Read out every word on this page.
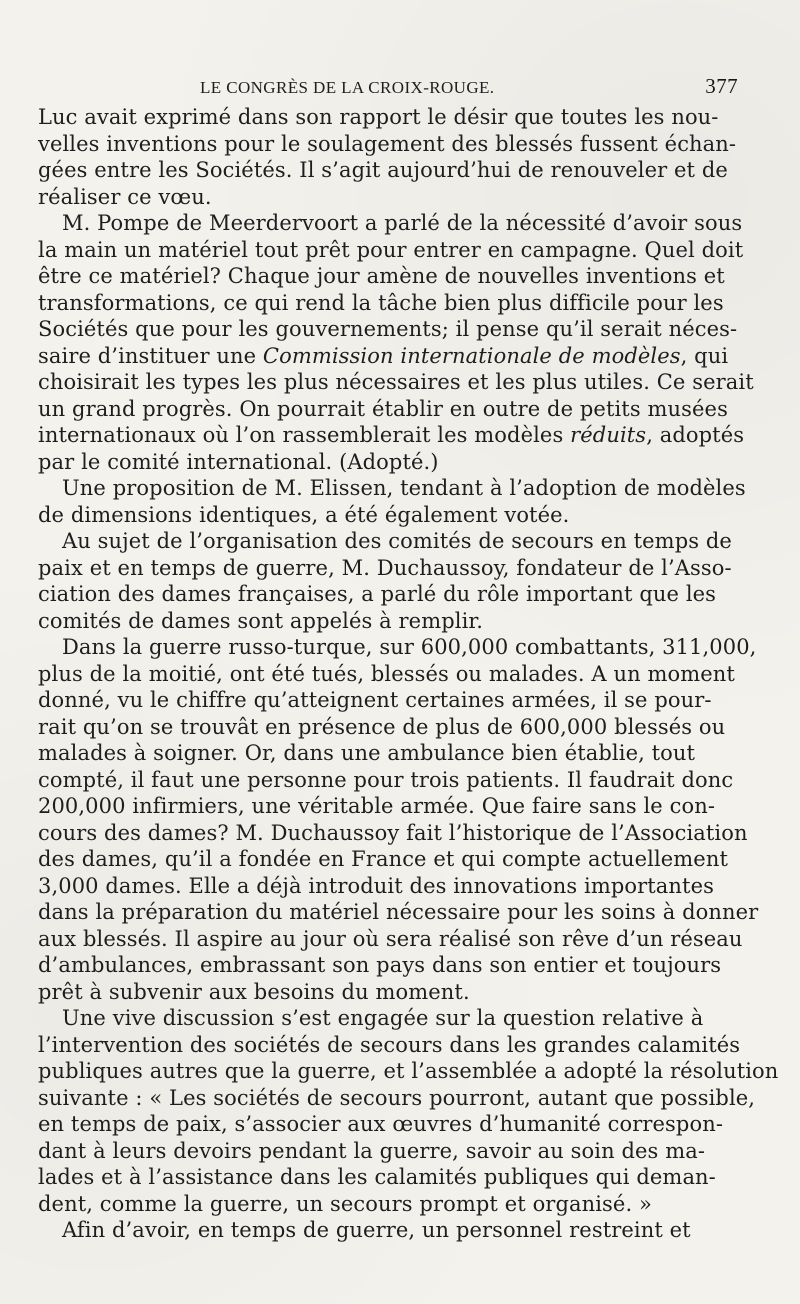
LE CONGRÈS DE LA CROIX-ROUGE.	377

Luc avait exprimé dans son rapport le désir que toutes les nou-
velles inventions pour le soulagement des blessés fussent échan-
gées entre les Sociétés. Il s’agit aujourd’hui de renouveler et de
réaliser ce vœu.

M. Pompe de Meerdervoort a parlé de la nécessité d’avoir sous
la main un matériel tout prêt pour entrer en campagne. Quel doit
être ce matériel? Chaque jour amène de nouvelles inventions et
transformations, ce qui rend la tâche bien plus difficile pour les
Sociétés que pour les gouvernements; il pense qu’il serait néces-
saire d’instituer une Commission internationale de modèles, qui
choisirait les types les plus nécessaires et les plus utiles. Ce serait
un grand progrès. On pourrait établir en outre de petits musées
internationaux où l’on rassemblerait les modèles réduits, adoptés
par le comité international. (Adopté.)

Une proposition de M. Elissen, tendant à l’adoption de modèles
de dimensions identiques, a été également votée.

Au sujet de l’organisation des comités de secours en temps de
paix et en temps de guerre, M. Duchaussoy, fondateur de l’Asso-
ciation des dames françaises, a parlé du rôle important que les
comités de dames sont appelés à remplir.

Dans la guerre russo-turque, sur 600,000 combattants, 311,000,
plus de la moitié, ont été tués, blessés ou malades. A un moment
donné, vu le chiffre qu’atteignent certaines armées, il se pour-
rait qu’on se trouvât en présence de plus de 600,000 blessés ou
malades à soigner. Or, dans une ambulance bien établie, tout
compté, il faut une personne pour trois patients. Il faudrait donc
200,000 infirmiers, une véritable armée. Que faire sans le con-
cours des dames? M. Duchaussoy fait l’historique de l’Association
des dames, qu’il a fondée en France et qui compte actuellement
3,000 dames. Elle a déjà introduit des innovations importantes
dans la préparation du matériel nécessaire pour les soins à donner
aux blessés. Il aspire au jour où sera réalisé son rêve d’un réseau
d’ambulances, embrassant son pays dans son entier et toujours
prêt à subvenir aux besoins du moment.

Une vive discussion s’est engagée sur la question relative à
l’intervention des sociétés de secours dans les grandes calamités
publiques autres que la guerre, et l’assemblée a adopté la résolution
suivante : « Les sociétés de secours pourront, autant que possible,
en temps de paix, s’associer aux œuvres d’humanité correspon-
dant à leurs devoirs pendant la guerre, savoir au soin des ma-
lades et à l’assistance dans les calamités publiques qui deman-
dent, comme la guerre, un secours prompt et organisé. »

Afin d’avoir, en temps de guerre, un personnel restreint et
